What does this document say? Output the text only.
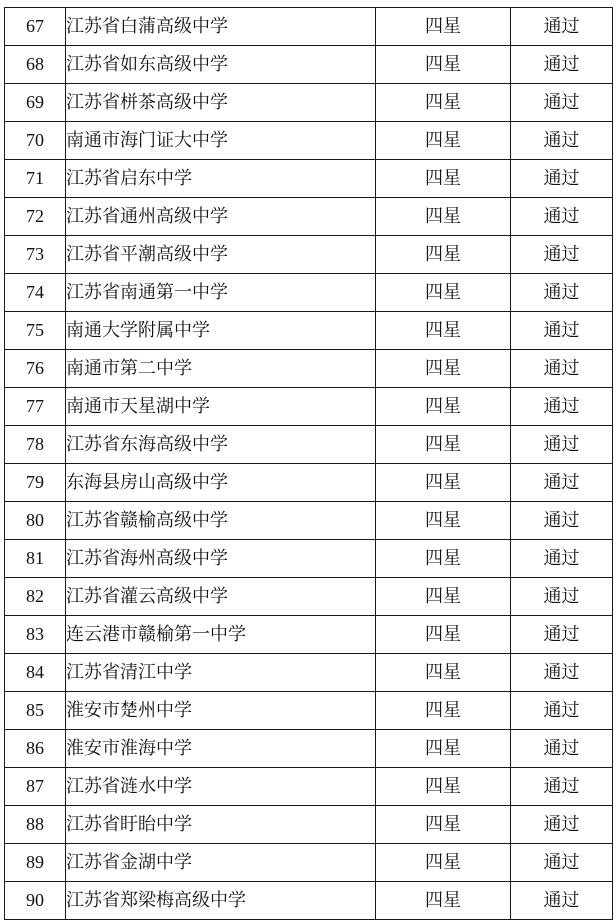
67	江苏省白蒲高级中学	四星	通过
68	江苏省如东高级中学	四星	通过
69	江苏省栟茶高级中学	四星	通过
70	南通市海门证大中学	四星	通过
71	江苏省启东中学	四星	通过
72	江苏省通州高级中学	四星	通过
73	江苏省平潮高级中学	四星	通过
74	江苏省南通第一中学	四星	通过
75	南通大学附属中学	四星	通过
76	南通市第二中学	四星	通过
77	南通市天星湖中学	四星	通过
78	江苏省东海高级中学	四星	通过
79	东海县房山高级中学	四星	通过
80	江苏省赣榆高级中学	四星	通过
81	江苏省海州高级中学	四星	通过
82	江苏省灌云高级中学	四星	通过
83	连云港市赣榆第一中学	四星	通过
84	江苏省清江中学	四星	通过
85	淮安市楚州中学	四星	通过
86	淮安市淮海中学	四星	通过
87	江苏省涟水中学	四星	通过
88	江苏省盱眙中学	四星	通过
89	江苏省金湖中学	四星	通过
90	江苏省郑梁梅高级中学	四星	通过
